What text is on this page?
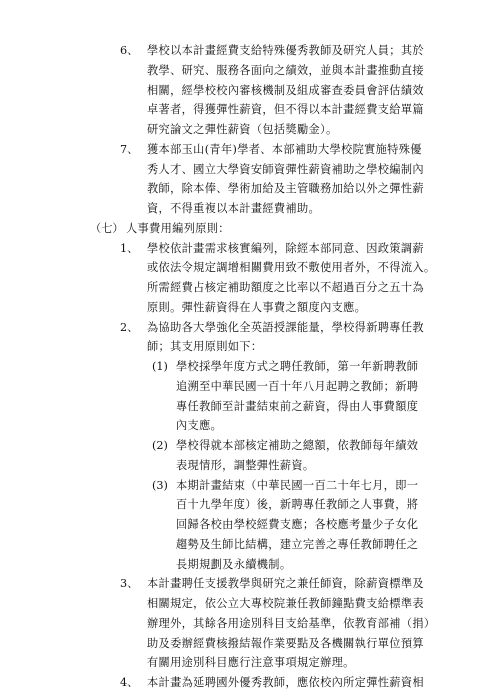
6、 學校以本計畫經費支給特殊優秀教師及研究人員；其於

教學、研究、服務各面向之績效，並與本計畫推動直接

相關，經學校校內審核機制及組成審查委員會評估績效

卓著者，得獲彈性薪資，但不得以本計畫經費支給單篇

研究論文之彈性薪資（包括獎勵金）。

7、 獲本部玉山(青年)學者、本部補助大學校院實施特殊優

秀人才、國立大學資安師資彈性薪資補助之學校編制內

教師，除本俸、學術加給及主管職務加給以外之彈性薪

資，不得重複以本計畫經費補助。

（七） 人事費用編列原則：

1、 學校依計畫需求核實編列，除經本部同意、因政策調薪

或依法令規定調增相關費用致不敷使用者外，不得流入。

所需經費占核定補助額度之比率以不超過百分之五十為

原則。彈性薪資得在人事費之額度內支應。

2、 為協助各大學強化全英語授課能量，學校得新聘專任教

師；其支用原則如下：

(1) 學校採學年度方式之聘任教師，第一年新聘教師

追溯至中華民國一百十年八月起聘之教師；新聘

專任教師至計畫結束前之薪資，得由人事費額度

內支應。

(2) 學校得就本部核定補助之總額，依教師每年績效

表現情形，調整彈性薪資。

(3) 本期計畫結束（中華民國一百二十年七月，即一

百十九學年度）後，新聘專任教師之人事費，將

回歸各校由學校經費支應；各校應考量少子女化

趨勢及生師比結構，建立完善之專任教師聘任之

長期規劃及永續機制。

3、 本計畫聘任支援教學與研究之兼任師資，除薪資標準及

相關規定，依公立大專校院兼任教師鐘點費支給標準表

辦理外，其餘各用途別科目支給基準，依教育部補（捐）

助及委辦經費核撥結報作業要點及各機關執行單位預算

有關用途別科目應行注意事項規定辦理。

4、 本計畫為延聘國外優秀教師，應依校內所定彈性薪資相
